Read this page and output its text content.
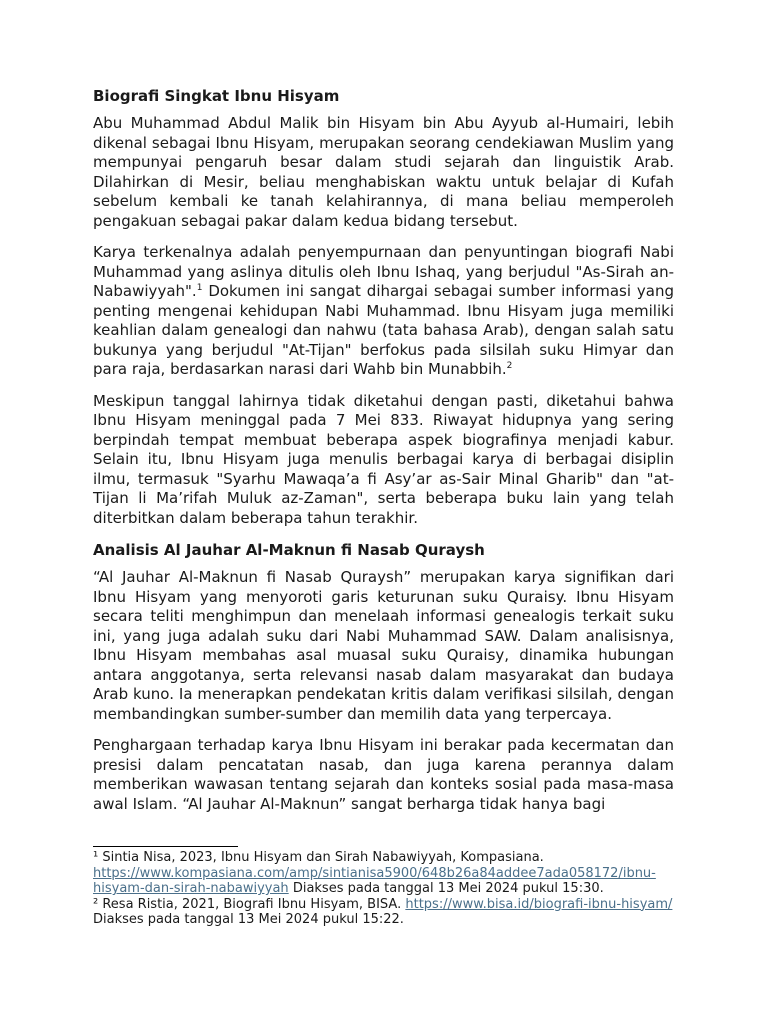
Biografi Singkat Ibnu Hisyam

Abu Muhammad Abdul Malik bin Hisyam bin Abu Ayyub al-Humairi, lebih dikenal sebagai Ibnu Hisyam, merupakan seorang cendekiawan Muslim yang mempunyai pengaruh besar dalam studi sejarah dan linguistik Arab. Dilahirkan di Mesir, beliau menghabiskan waktu untuk belajar di Kufah sebelum kembali ke tanah kelahirannya, di mana beliau memperoleh pengakuan sebagai pakar dalam kedua bidang tersebut.

Karya terkenalnya adalah penyempurnaan dan penyuntingan biografi Nabi Muhammad yang aslinya ditulis oleh Ibnu Ishaq, yang berjudul "As-Sirah an-Nabawiyyah".$^1$ Dokumen ini sangat dihargai sebagai sumber informasi yang penting mengenai kehidupan Nabi Muhammad. Ibnu Hisyam juga memiliki keahlian dalam genealogi dan nahwu (tata bahasa Arab), dengan salah satu bukunya yang berjudul "At-Tijan" berfokus pada silsilah suku Himyar dan para raja, berdasarkan narasi dari Wahb bin Munabbih.$^2$

Meskipun tanggal lahirnya tidak diketahui dengan pasti, diketahui bahwa Ibnu Hisyam meninggal pada 7 Mei 833. Riwayat hidupnya yang sering berpindah tempat membuat beberapa aspek biografinya menjadi kabur. Selain itu, Ibnu Hisyam juga menulis berbagai karya di berbagai disiplin ilmu, termasuk "Syarhu Mawaqa’a fi Asy’ar as-Sair Minal Gharib" dan "at-Tijan li Ma’rifah Muluk az-Zaman", serta beberapa buku lain yang telah diterbitkan dalam beberapa tahun terakhir.

Analisis Al Jauhar Al-Maknun fi Nasab Quraysh

“Al Jauhar Al-Maknun fi Nasab Quraysh” merupakan karya signifikan dari Ibnu Hisyam yang menyoroti garis keturunan suku Quraisy. Ibnu Hisyam secara teliti menghimpun dan menelaah informasi genealogis terkait suku ini, yang juga adalah suku dari Nabi Muhammad SAW. Dalam analisisnya, Ibnu Hisyam membahas asal muasal suku Quraisy, dinamika hubungan antara anggotanya, serta relevansi nasab dalam masyarakat dan budaya Arab kuno. Ia menerapkan pendekatan kritis dalam verifikasi silsilah, dengan membandingkan sumber-sumber dan memilih data yang terpercaya.

Penghargaan terhadap karya Ibnu Hisyam ini berakar pada kecermatan dan presisi dalam pencatatan nasab, dan juga karena perannya dalam memberikan wawasan tentang sejarah dan konteks sosial pada masa-masa awal Islam. “Al Jauhar Al-Maknun” sangat berharga tidak hanya bagi

¹ Sintia Nisa, 2023, Ibnu Hisyam dan Sirah Nabawiyyah, Kompasiana.
https://www.kompasiana.com/amp/sintianisa5900/648b26a84addee7ada058172/ibnu-hisyam-dan-sirah-nabawiyyah Diakses pada tanggal 13 Mei 2024 pukul 15:30.
² Resa Ristia, 2021, Biografi Ibnu Hisyam, BISA. https://www.bisa.id/biografi-ibnu-hisyam/
Diakses pada tanggal 13 Mei 2024 pukul 15:22.
